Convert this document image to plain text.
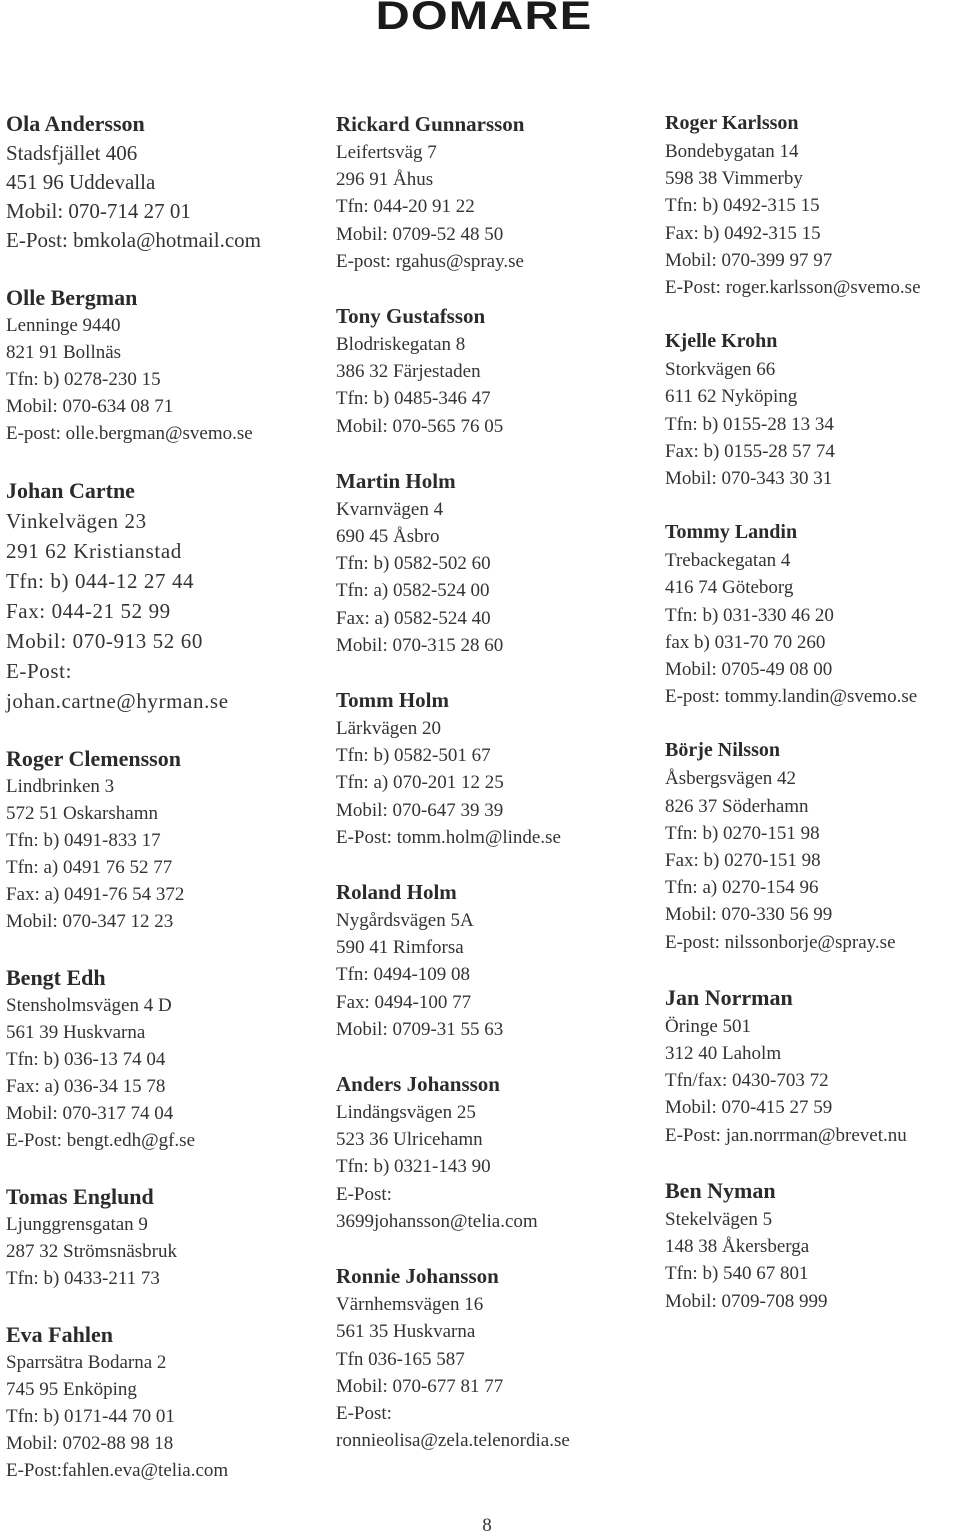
DOMARE
Ola Andersson
Stadsfjället 406
451 96 Uddevalla
Mobil: 070-714 27 01
E-Post: bmkola@hotmail.com
Olle Bergman
Lenninge 9440
821 91 Bollnäs
Tfn: b) 0278-230 15
Mobil: 070-634 08 71
E-post: olle.bergman@svemo.se
Johan Cartne
Vinkelvägen 23
291 62 Kristianstad
Tfn: b) 044-12 27 44
Fax: 044-21 52 99
Mobil: 070-913 52 60
E-Post:
johan.cartne@hyrman.se
Roger Clemensson
Lindbrinken 3
572 51 Oskarshamn
Tfn: b) 0491-833 17
Tfn: a) 0491 76 52 77
Fax: a) 0491-76 54 372
Mobil: 070-347 12 23
Bengt Edh
Stensholmsvägen 4 D
561 39 Huskvarna
Tfn: b) 036-13 74 04
Fax: a) 036-34 15 78
Mobil: 070-317 74 04
E-Post: bengt.edh@gf.se
Tomas Englund
Ljunggrensgatan 9
287 32 Strömsnäsbruk
Tfn: b) 0433-211 73
Eva Fahlen
Sparrsätra Bodarna 2
745 95 Enköping
Tfn: b) 0171-44 70 01
Mobil: 0702-88 98 18
E-Post:fahlen.eva@telia.com
Rickard Gunnarsson
Leifertsväg 7
296 91 Åhus
Tfn: 044-20 91 22
Mobil: 0709-52 48 50
E-post: rgahus@spray.se
Tony Gustafsson
Blodriskegatan 8
386 32 Färjestaden
Tfn: b) 0485-346 47
Mobil: 070-565 76 05
Martin Holm
Kvarnvägen 4
690 45 Åsbro
Tfn: b) 0582-502 60
Tfn: a) 0582-524 00
Fax: a) 0582-524 40
Mobil: 070-315 28 60
Tomm Holm
Lärkvägen 20
Tfn: b) 0582-501 67
Tfn: a) 070-201 12 25
Mobil: 070-647 39 39
E-Post: tomm.holm@linde.se
Roland Holm
Nygårdsvägen 5A
590 41 Rimforsa
Tfn: 0494-109 08
Fax: 0494-100 77
Mobil: 0709-31 55 63
Anders Johansson
Lindängsvägen 25
523 36 Ulricehamn
Tfn: b) 0321-143 90
E-Post:
3699johansson@telia.com
Ronnie Johansson
Värnhemsvägen 16
561 35 Huskvarna
Tfn 036-165 587
Mobil: 070-677 81 77
E-Post:
ronnieolisa@zela.telenordia.se
Roger Karlsson
Bondebygatan 14
598 38 Vimmerby
Tfn: b) 0492-315 15
Fax: b) 0492-315 15
Mobil: 070-399 97 97
E-Post: roger.karlsson@svemo.se
Kjelle Krohn
Storkvägen 66
611 62 Nyköping
Tfn: b) 0155-28 13 34
Fax: b) 0155-28 57 74
Mobil: 070-343 30 31
Tommy Landin
Trebackegatan 4
416 74 Göteborg
Tfn: b) 031-330 46 20
fax b) 031-70 70 260
Mobil: 0705-49 08 00
E-post: tommy.landin@svemo.se
Börje Nilsson
Åsbergsvägen 42
826 37 Söderhamn
Tfn: b) 0270-151 98
Fax: b) 0270-151 98
Tfn: a) 0270-154 96
Mobil: 070-330 56 99
E-post: nilssonborje@spray.se
Jan Norrman
Öringe 501
312 40 Laholm
Tfn/fax: 0430-703 72
Mobil: 070-415 27 59
E-Post: jan.norrman@brevet.nu
Ben Nyman
Stekelvägen 5
148 38 Åkersberga
Tfn: b) 540 67 801
Mobil: 0709-708 999
8
